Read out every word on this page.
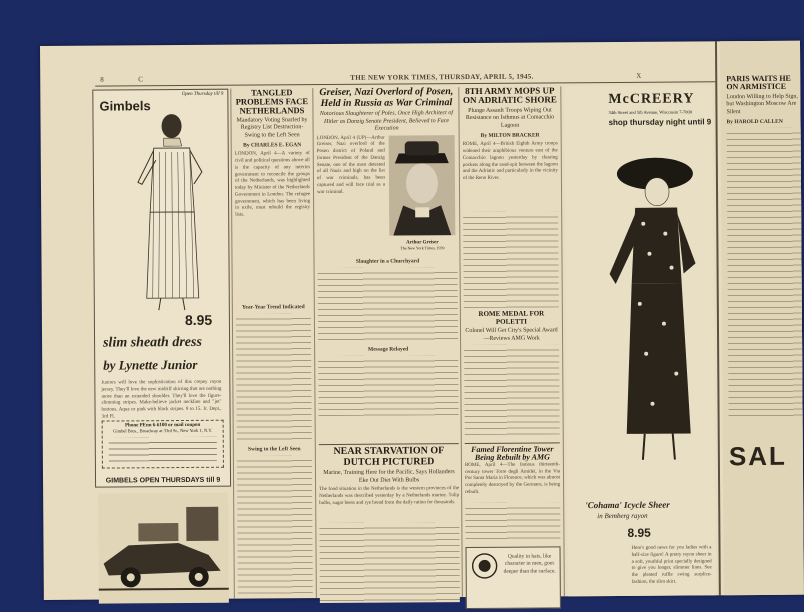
8	C	THE NEW YORK TIMES, THURSDAY, APRIL 5, 1945.	X
Open Thursday till 9
Gimbels
8.95
slim sheath dress
by Lynette Junior
Juniors will love the sophistication of this crepey rayon jersey. They'll love the new midriff shirring that are nothing more than an extended shoulder. They'll love the figure-slimming stripes. Make-believe jacket neckline and "jet" buttons. Aqua or pink with black stripes. 9 to 15. Jr. Dept., 3rd Fl.
Phone PEnn 6-6100 or mail coupon
Gimbel Bros., Broadway at 33rd St., New York 1, N.Y.
GIMBELS OPEN THURSDAYS till 9
TANGLED PROBLEMS FACE NETHERLANDS
Mandatory Voting Snarled by Registry List Destruction-Swing to the Left Seen
By CHARLES E. EGAN
LONDON, April 4—A variety of civil and political questions above all is the capacity of any interim government to reconcile the groups of the Netherlands, was highlighted today by Minister of the Netherlands Government in London. The refugee government, which has been living in exile, must rebuild the registry lists.
Year-Year Trend Indicated
Swing to the Left Seen
Greiser, Nazi Overlord of Posen, Held in Russia as War Criminal
Notorious Slaughterer of Poles, Once High Architect of Hitler as Danzig Senate President, Believed to Face Execution
LONDON, April 4 (UP)—Arthur Greiser, Nazi overlord of the Posen district of Poland and former President of the Danzig Senate, one of the most detested of all Nazis and high on the list of war criminals, has been captured and will face trial as a war criminal.
Arthur Greiser
The New York Times, 1939
Slaughter in a Churchyard
Message Relayed
8TH ARMY MOPS UP ON ADRIATIC SHORE
Plunge Assault Troops Wiping Out Resistance on Isthmus at Comacchio Lagoon
By MILTON BRACKER
ROME, April 4—British Eighth Army troops widened their amphibious venture east of the Comacchio lagoon yesterday by clearing pockets along the sand-spit between the lagoon and the Adriatic and particularly in the vicinity of the Reno River.
ROME MEDAL FOR POLETTI
Colonel Will Get City's Special Award—Reviews AMG Work
McCREERY
34th Street and 5th Avenue, Wisconsin 7-7000
shop thursday night until 9
'Cohama' Icycle Sheer
in Bemberg rayon
8.95
Here's good news for you ladies with a half-size figure! A pretty rayon sheer in a soft, youthful print specially designed to give you longer, slimmer lines. See the pleated ruffle swing surplice-fashion, the slim skirt.
NEAR STARVATION OF DUTCH PICTURED
Marine, Training Here for the Pacific, Says Hollanders Eke Out Diet With Bulbs
The food situation in the Netherlands is the western provinces of the Netherlands was described yesterday by a Netherlands marine. Tulip bulbs, sugar beets and rye bread form the daily ration for thousands.
Famed Florentine Tower Being Rebuilt by AMG
ROME, April 4—The famous thirteenth-century tower Torre degli Amidei, in the Via Por Santa Maria in Florence, which was almost completely destroyed by the Germans, is being rebuilt.
Quality in hats, like character in men, goes deeper than the surface.
PARIS WAITS HE ON ARMISTICE
London Willing to Help Sign, but Washington Moscow Are Silent
By HAROLD CALLEN
SAL
